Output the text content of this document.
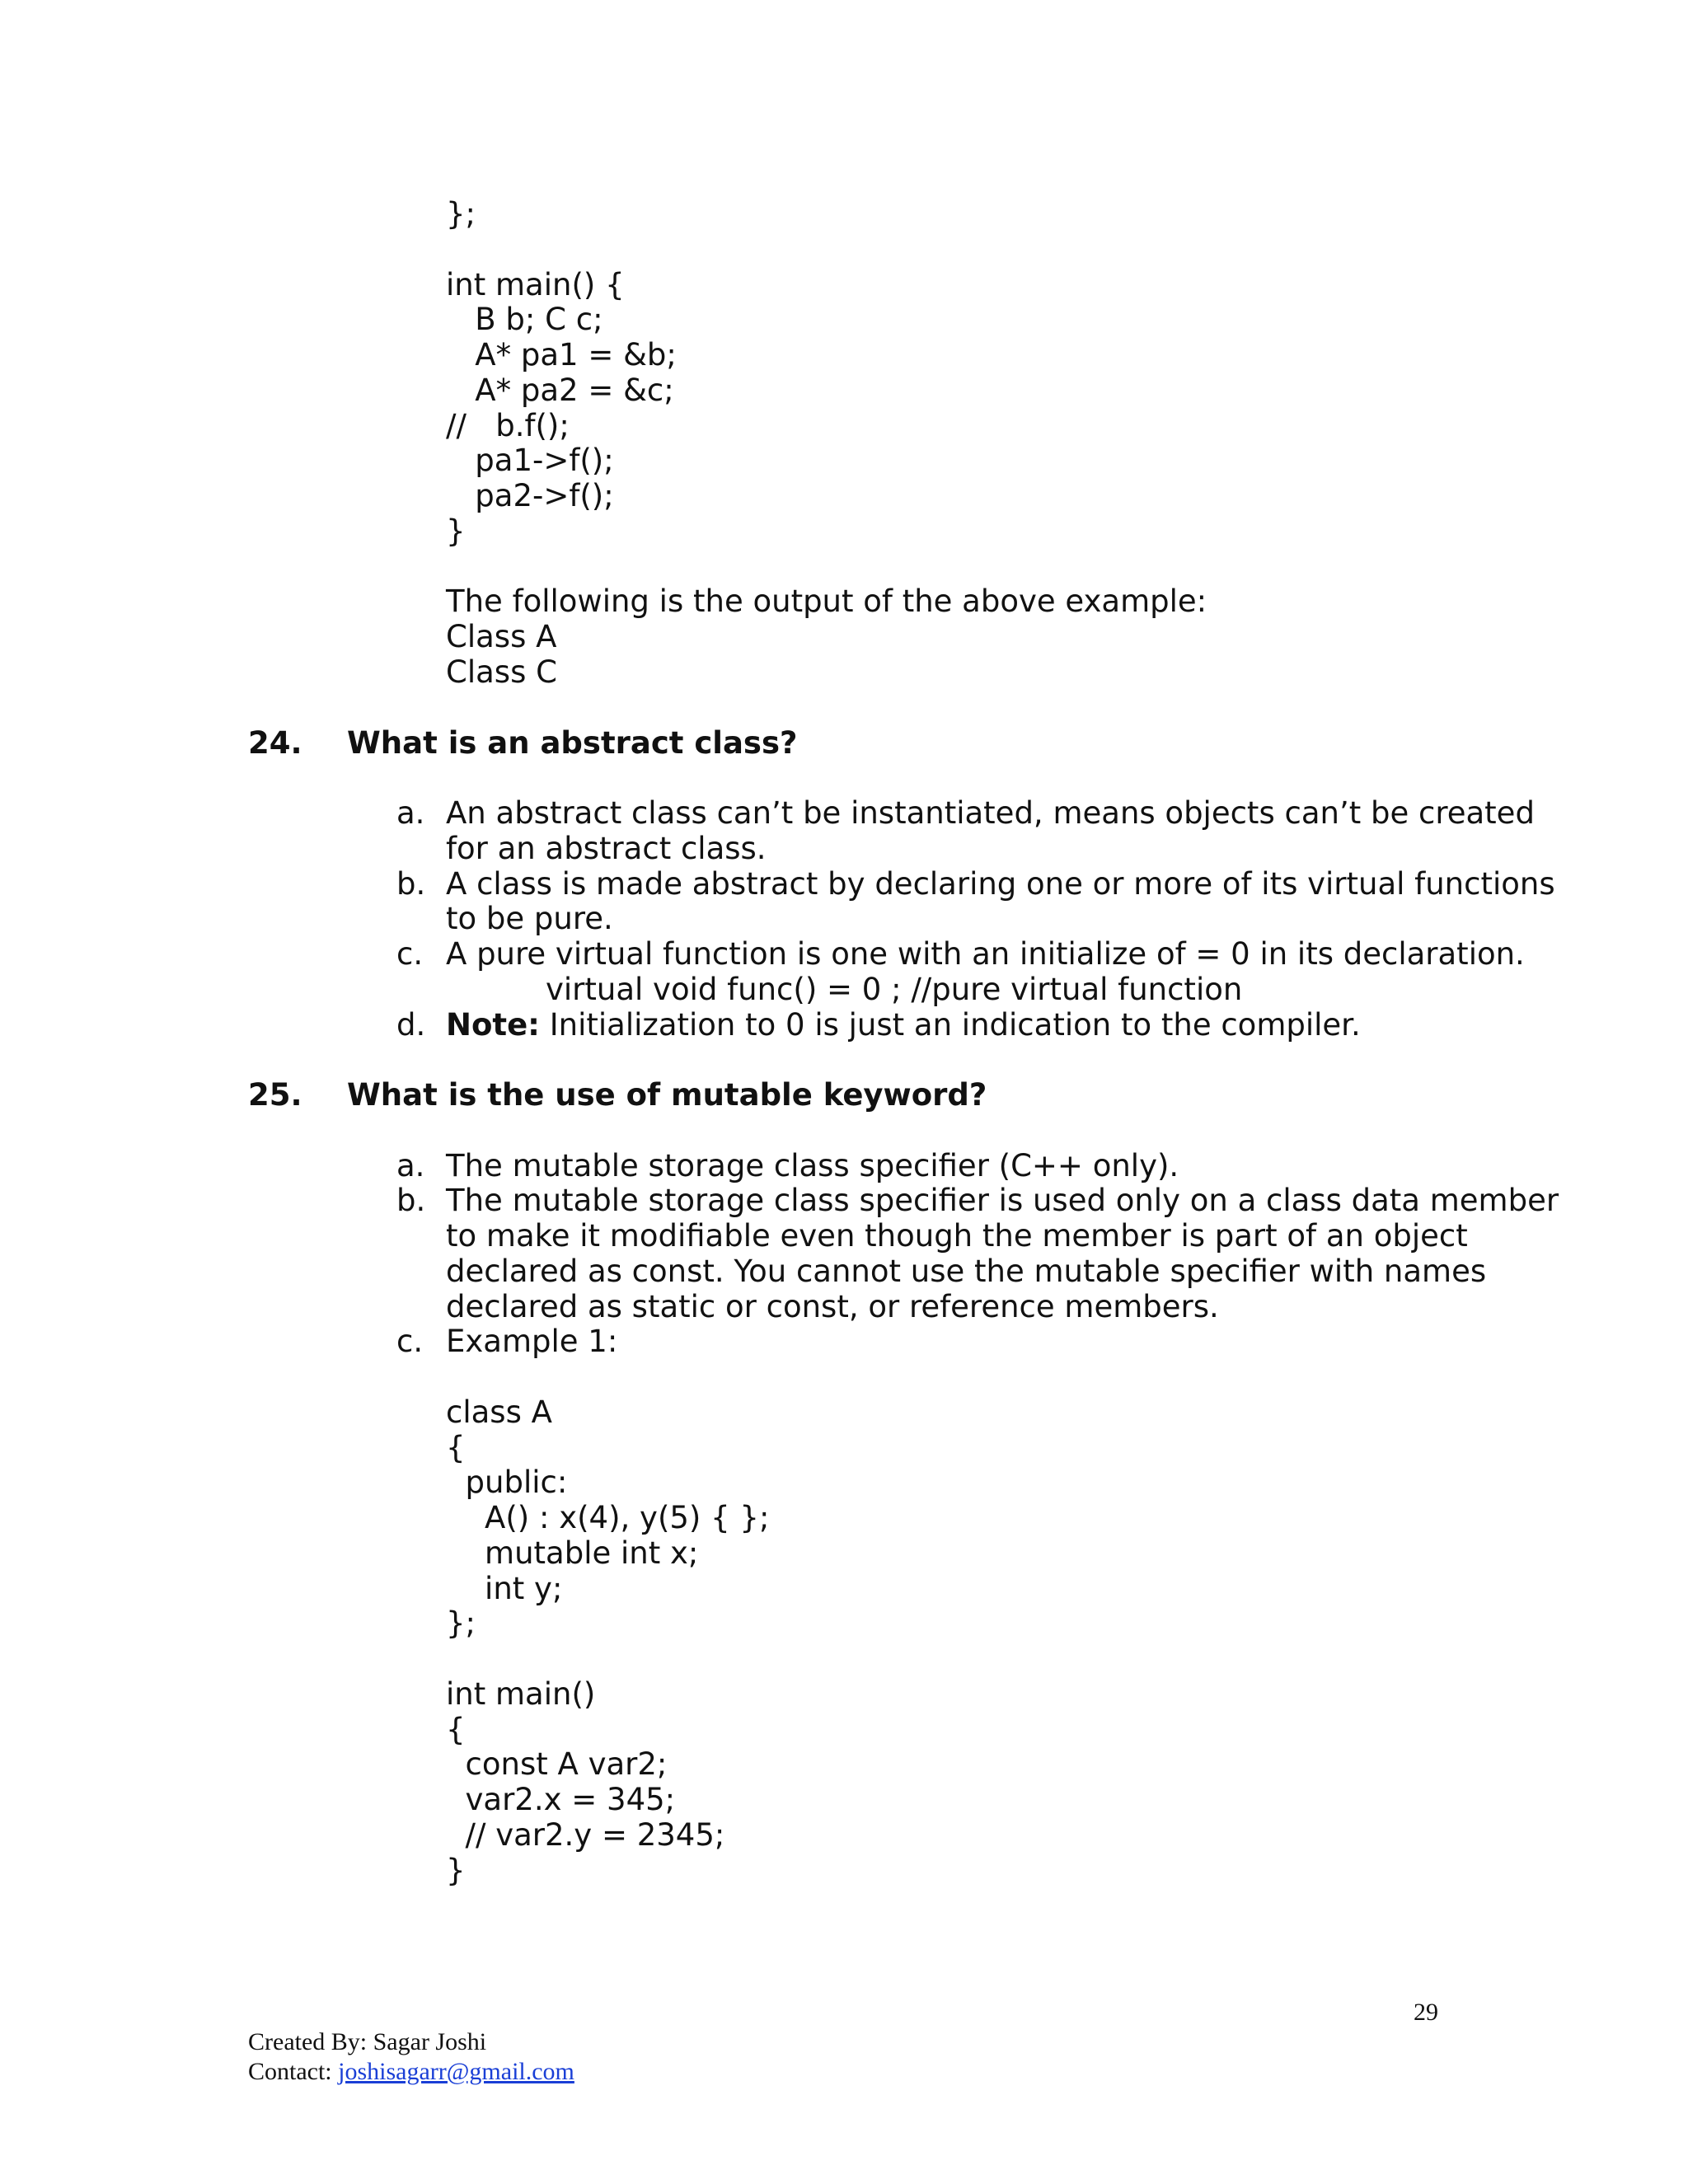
};
int main() {
B b; C c;
A* pa1 = &b;
A* pa2 = &c;
//   b.f();
pa1->f();
pa2->f();
}
The following is the output of the above example:
Class A
Class C
24. What is an abstract class?
a. An abstract class can’t be instantiated, means objects can’t be created
for an abstract class.
b. A class is made abstract by declaring one or more of its virtual functions
to be pure.
c. A pure virtual function is one with an initialize of = 0 in its declaration.
virtual void func() = 0 ; //pure virtual function
d. Note: Initialization to 0 is just an indication to the compiler.
25. What is the use of mutable keyword?
a. The mutable storage class specifier (C++ only).
b. The mutable storage class specifier is used only on a class data member
to make it modifiable even though the member is part of an object
declared as const. You cannot use the mutable specifier with names
declared as static or const, or reference members.
c. Example 1:
class A
{
public:
A() : x(4), y(5) { };
mutable int x;
int y;
};
int main()
{
const A var2;
var2.x = 345;
// var2.y = 2345;
}
29
Created By: Sagar Joshi
Contact: joshisagarr@gmail.com
